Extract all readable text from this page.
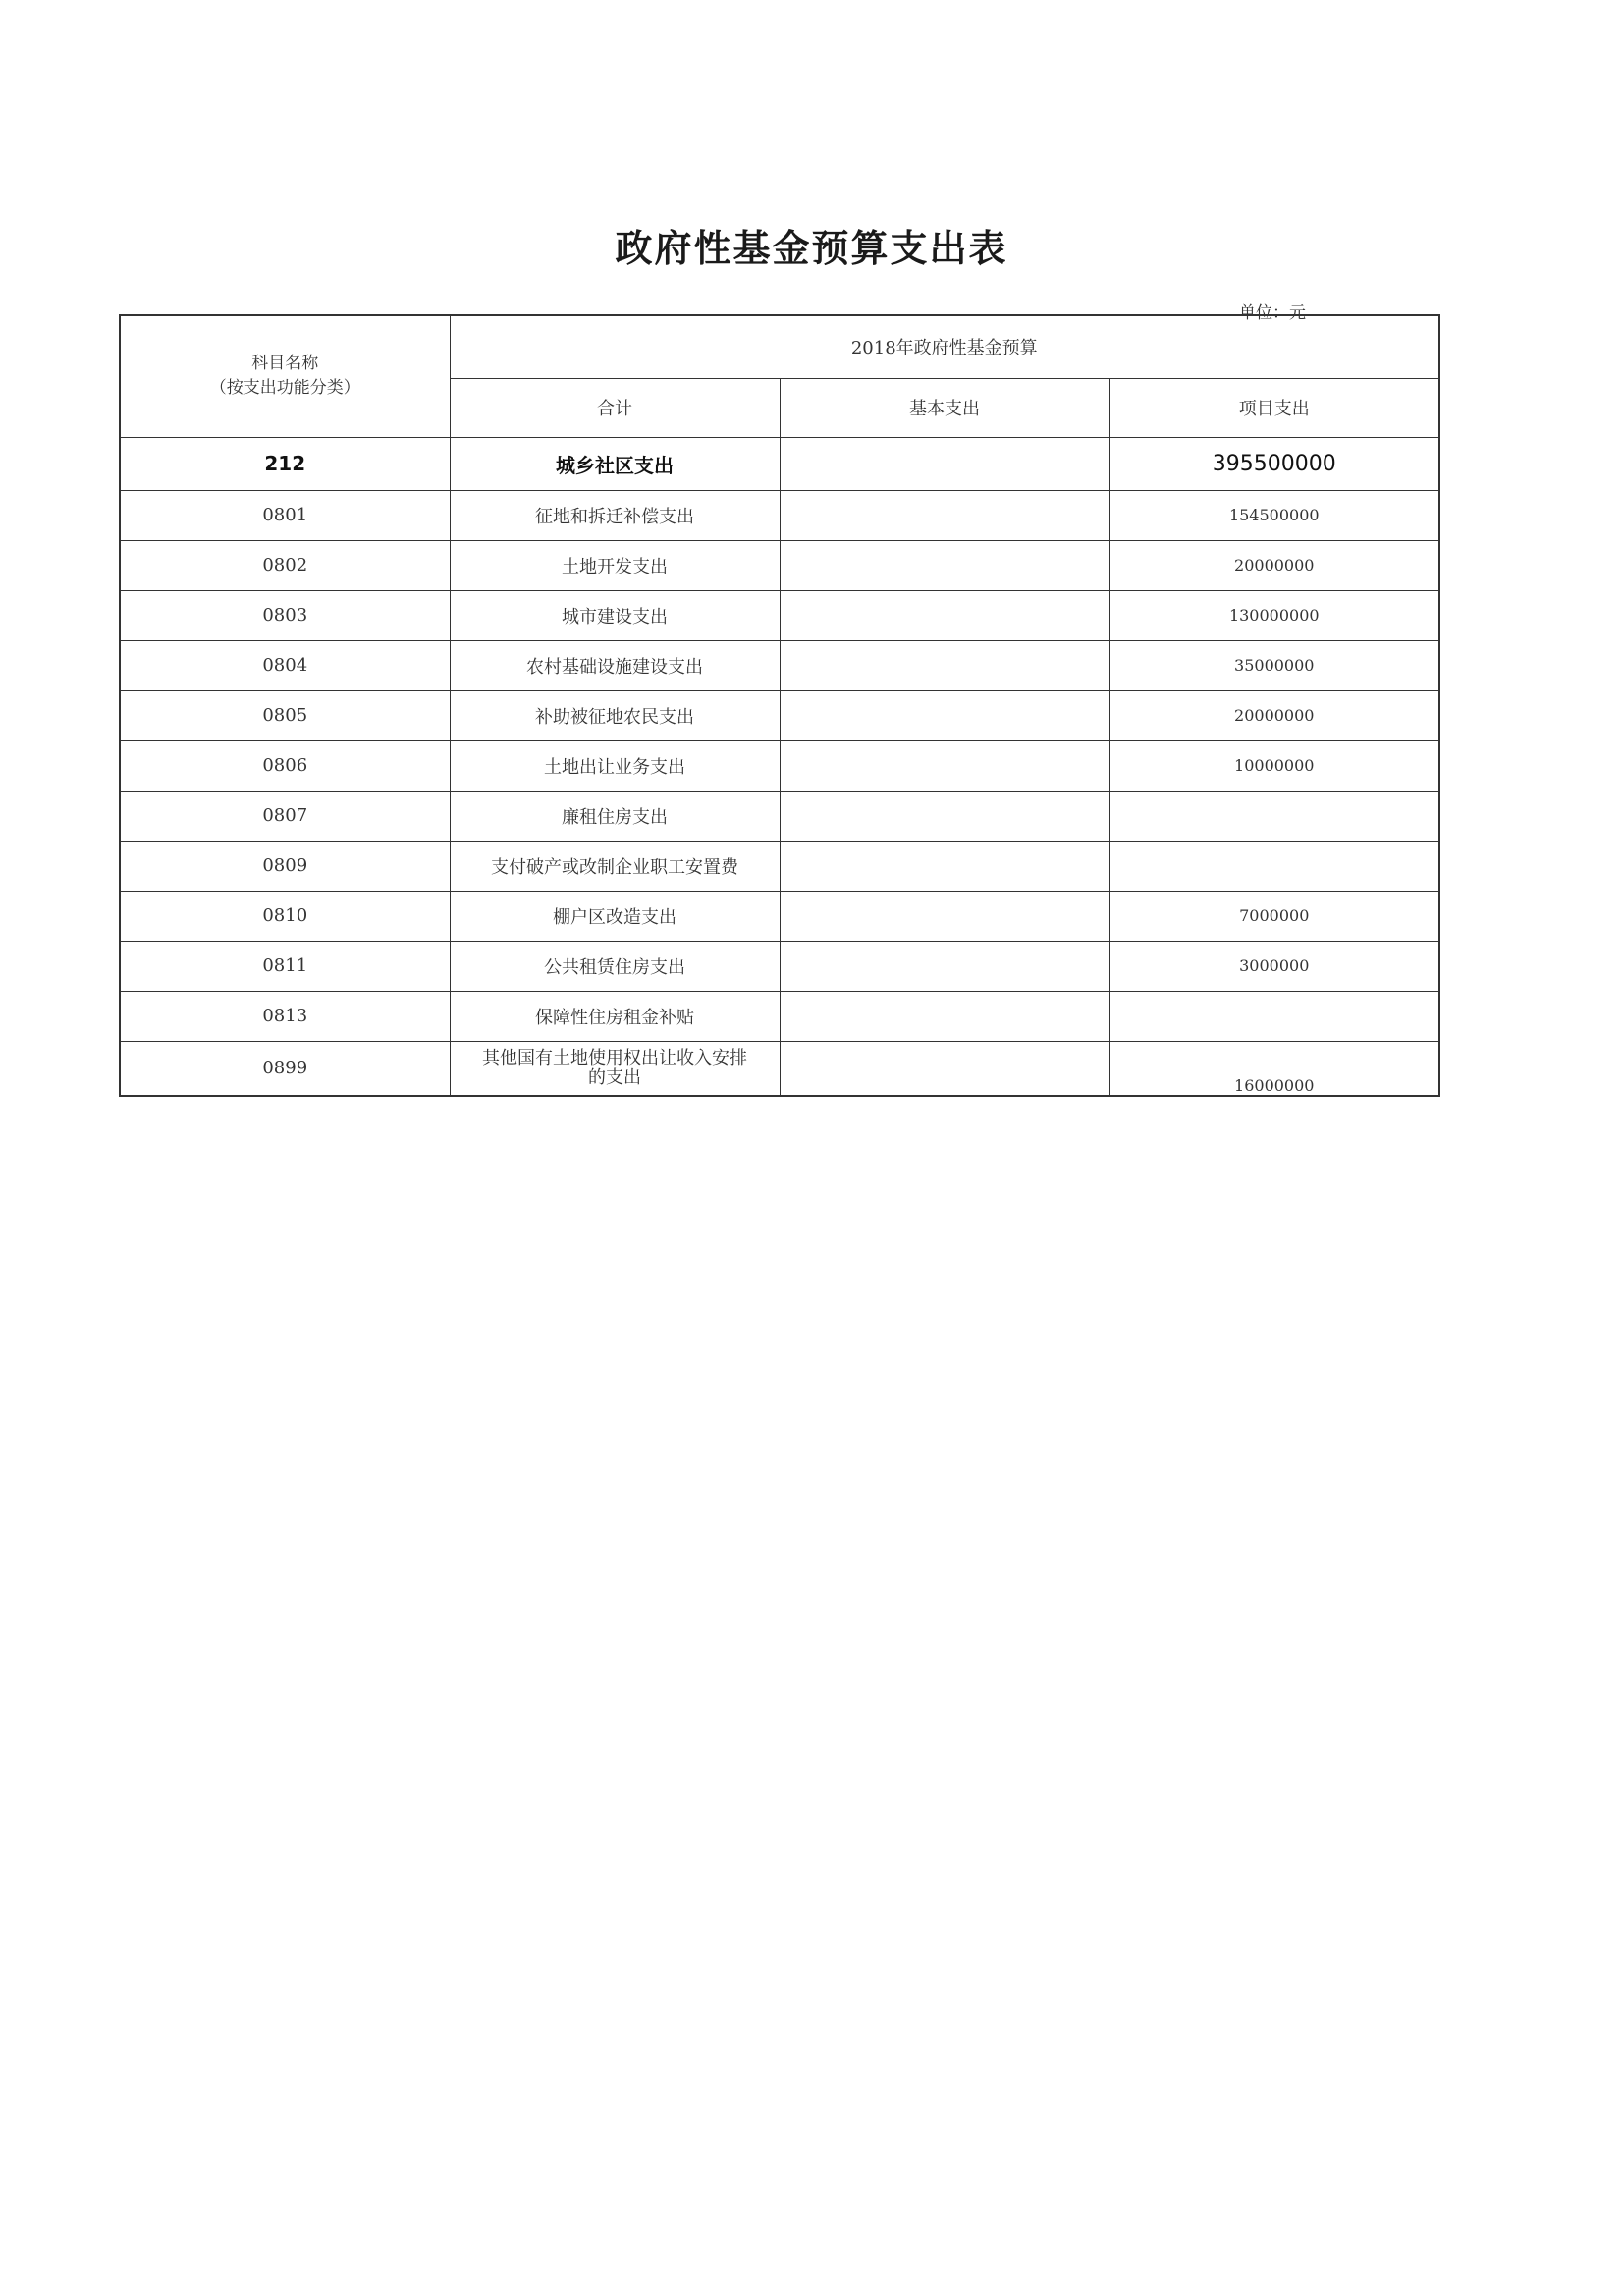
政府性基金预算支出表
单位：元
科目名称
（按支出功能分类）	2018年政府性基金预算		
	合计	基本支出	项目支出
212	城乡社区支出		395500000
0801	征地和拆迁补偿支出		154500000
0802	土地开发支出		20000000
0803	城市建设支出		130000000
0804	农村基础设施建设支出		35000000
0805	补助被征地农民支出		20000000
0806	土地出让业务支出		10000000
0807	廉租住房支出		
0809	支付破产或改制企业职工安置费		
0810	棚户区改造支出		7000000
0811	公共租赁住房支出		3000000
0813	保障性住房租金补贴		
0899	其他国有土地使用权出让收入安排
的支出		16000000
